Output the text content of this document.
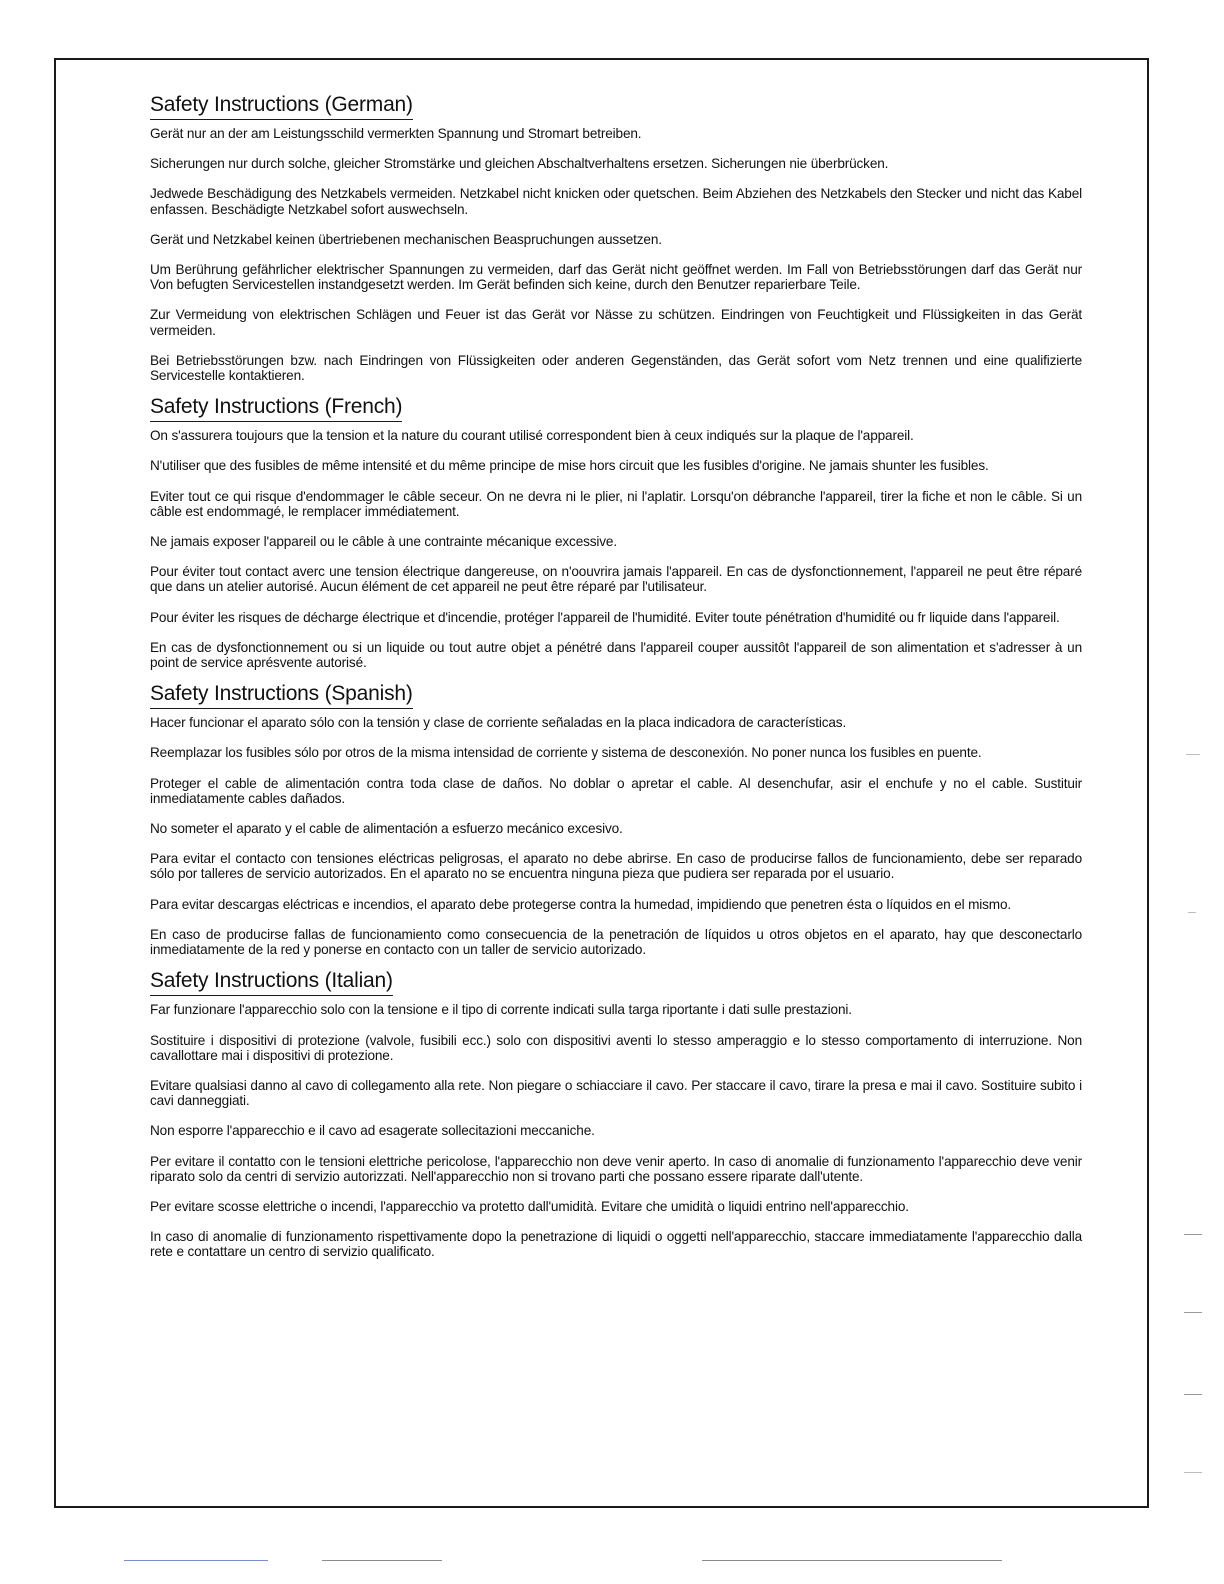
Safety Instructions (German)

Gerät nur an der am Leistungsschild vermerkten Spannung und Stromart betreiben.

Sicherungen nur durch solche, gleicher Stromstärke und gleichen Abschaltverhaltens ersetzen. Sicherungen nie überbrücken.

Jedwede Beschädigung des Netzkabels vermeiden. Netzkabel nicht knicken oder quetschen. Beim Abziehen des Netzkabels den Stecker und nicht das Kabel enfassen. Beschädigte Netzkabel sofort auswechseln.

Gerät und Netzkabel keinen übertriebenen mechanischen Beaspruchungen aussetzen.

Um Berührung gefährlicher elektrischer Spannungen zu vermeiden, darf das Gerät nicht geöffnet werden. Im Fall von Betriebsstörungen darf das Gerät nur Von befugten Servicestellen instandgesetzt werden. Im Gerät befinden sich keine, durch den Benutzer reparierbare Teile.

Zur Vermeidung von elektrischen Schlägen und Feuer ist das Gerät vor Nässe zu schützen. Eindringen von Feuchtigkeit und Flüssigkeiten in das Gerät vermeiden.

Bei Betriebsstörungen bzw. nach Eindringen von Flüssigkeiten oder anderen Gegenständen, das Gerät sofort vom Netz trennen und eine qualifizierte Servicestelle kontaktieren.

Safety Instructions (French)

On s'assurera toujours que la tension et la nature du courant utilisé correspondent bien à ceux indiqués sur la plaque de l'appareil.

N'utiliser que des fusibles de même intensité et du même principe de mise hors circuit que les fusibles d'origine. Ne jamais shunter les fusibles.

Eviter tout ce qui risque d'endommager le câble seceur. On ne devra ni le plier, ni l'aplatir. Lorsqu'on débranche l'appareil, tirer la fiche et non le câble. Si un câble est endommagé, le remplacer immédiatement.

Ne jamais exposer l'appareil ou le câble à une contrainte mécanique excessive.

Pour éviter tout contact averc une tension électrique dangereuse, on n'oouvrira jamais l'appareil. En cas de dysfonctionnement, l'appareil ne peut être réparé que dans un atelier autorisé. Aucun élément de cet appareil ne peut être réparé par l'utilisateur.

Pour éviter les risques de décharge électrique et d'incendie, protéger l'appareil de l'humidité. Eviter toute pénétration d'humidité ou fr liquide dans l'appareil.

En cas de dysfonctionnement ou si un liquide ou tout autre objet a pénétré dans l'appareil couper aussitôt l'appareil de son alimentation et s'adresser à un point de service aprésvente autorisé.

Safety Instructions (Spanish)

Hacer funcionar el aparato sólo con la tensión y clase de corriente señaladas en la placa indicadora de características.

Reemplazar los fusibles sólo por otros de la misma intensidad de corriente y sistema de desconexión. No poner nunca los fusibles en puente.

Proteger el cable de alimentación contra toda clase de daños. No doblar o apretar el cable. Al desenchufar, asir el enchufe y no el cable. Sustituir inmediatamente cables dañados.

No someter el aparato y el cable de alimentación a esfuerzo mecánico excesivo.

Para evitar el contacto con tensiones eléctricas peligrosas, el aparato no debe abrirse. En caso de producirse fallos de funcionamiento, debe ser reparado sólo por talleres de servicio autorizados. En el aparato no se encuentra ninguna pieza que pudiera ser reparada por el usuario.

Para evitar descargas eléctricas e incendios, el aparato debe protegerse contra la humedad, impidiendo que penetren ésta o líquidos en el mismo.

En caso de producirse fallas de funcionamiento como consecuencia de la penetración de líquidos u otros objetos en el aparato, hay que desconectarlo inmediatamente de la red y ponerse en contacto con un taller de servicio autorizado.

Safety Instructions (Italian)

Far funzionare l'apparecchio solo con la tensione e il tipo di corrente indicati sulla targa riportante i dati sulle prestazioni.

Sostituire i dispositivi di protezione (valvole, fusibili ecc.) solo con dispositivi aventi lo stesso amperaggio e lo stesso comportamento di interruzione. Non cavallottare mai i dispositivi di protezione.

Evitare qualsiasi danno al cavo di collegamento alla rete. Non piegare o schiacciare il cavo. Per staccare il cavo, tirare la presa e mai il cavo. Sostituire subito i cavi danneggiati.

Non esporre l'apparecchio e il cavo ad esagerate sollecitazioni meccaniche.

Per evitare il contatto con le tensioni elettriche pericolose, l'apparecchio non deve venir aperto. In caso di anomalie di funzionamento l'apparecchio deve venir riparato solo da centri di servizio autorizzati. Nell'apparecchio non si trovano parti che possano essere riparate dall'utente.

Per evitare scosse elettriche o incendi, l'apparecchio va protetto dall'umidità. Evitare che umidità o liquidi entrino nell'apparecchio.

In caso di anomalie di funzionamento rispettivamente dopo la penetrazione di liquidi o oggetti nell'apparecchio, staccare immediatamente l'apparecchio dalla rete e contattare un centro di servizio qualificato.
